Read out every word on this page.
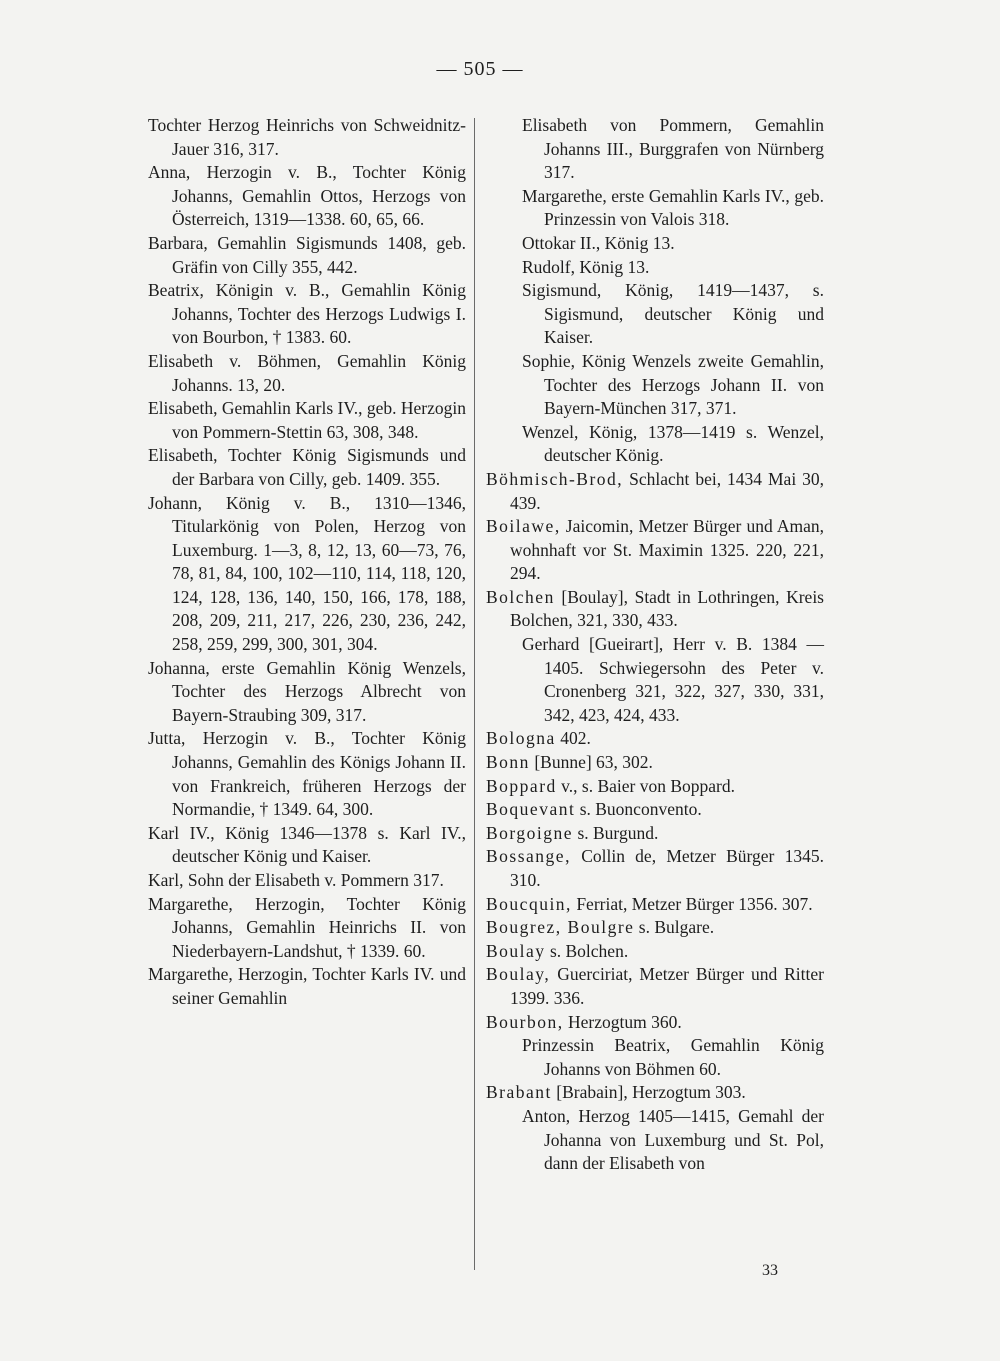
— 505 —
Tochter Herzog Heinrichs von Schweidnitz-Jauer 316, 317.
Anna, Herzogin v. B., Tochter König Johanns, Gemahlin Ottos, Herzogs von Österreich, 1319—1338. 60, 65, 66.
Barbara, Gemahlin Sigismunds 1408, geb. Gräfin von Cilly 355, 442.
Beatrix, Königin v. B., Gemahlin König Johanns, Tochter des Herzogs Ludwigs I. von Bourbon, † 1383. 60.
Elisabeth v. Böhmen, Gemahlin König Johanns. 13, 20.
Elisabeth, Gemahlin Karls IV., geb. Herzogin von Pommern-Stettin 63, 308, 348.
Elisabeth, Tochter König Sigismunds und der Barbara von Cilly, geb. 1409. 355.
Johann, König v. B., 1310—1346, Titularkönig von Polen, Herzog von Luxemburg. 1—3, 8, 12, 13, 60—73, 76, 78, 81, 84, 100, 102—110, 114, 118, 120, 124, 128, 136, 140, 150, 166, 178, 188, 208, 209, 211, 217, 226, 230, 236, 242, 258, 259, 299, 300, 301, 304.
Johanna, erste Gemahlin König Wenzels, Tochter des Herzogs Albrecht von Bayern-Straubing 309, 317.
Jutta, Herzogin v. B., Tochter König Johanns, Gemahlin des Königs Johann II. von Frankreich, früheren Herzogs der Normandie, † 1349. 64, 300.
Karl IV., König 1346—1378 s. Karl IV., deutscher König und Kaiser.
Karl, Sohn der Elisabeth v. Pommern 317.
Margarethe, Herzogin, Tochter König Johanns, Gemahlin Heinrichs II. von Niederbayern-Landshut, † 1339. 60.
Margarethe, Herzogin, Tochter Karls IV. und seiner Gemahlin
Elisabeth von Pommern, Gemahlin Johanns III., Burggrafen von Nürnberg 317.
Margarethe, erste Gemahlin Karls IV., geb. Prinzessin von Valois 318.
Ottokar II., König 13.
Rudolf, König 13.
Sigismund, König, 1419—1437, s. Sigismund, deutscher König und Kaiser.
Sophie, König Wenzels zweite Gemahlin, Tochter des Herzogs Johann II. von Bayern-München 317, 371.
Wenzel, König, 1378—1419 s. Wenzel, deutscher König.
Böhmisch-Brod, Schlacht bei, 1434 Mai 30, 439.
Boilawe, Jaicomin, Metzer Bürger und Aman, wohnhaft vor St. Maximin 1325. 220, 221, 294.
Bolchen [Boulay], Stadt in Lothringen, Kreis Bolchen, 321, 330, 433.
Gerhard [Gueirart], Herr v. B. 1384 —1405. Schwiegersohn des Peter v. Cronenberg 321, 322, 327, 330, 331, 342, 423, 424, 433.
Bologna 402.
Bonn [Bunne] 63, 302.
Boppard v., s. Baier von Boppard.
Boquevant s. Buonconvento.
Borgoigne s. Burgund.
Bossange, Collin de, Metzer Bürger 1345. 310.
Boucquin, Ferriat, Metzer Bürger 1356. 307.
Bougrez, Boulgre s. Bulgare.
Boulay s. Bolchen.
Boulay, Guerciriat, Metzer Bürger und Ritter 1399. 336.
Bourbon, Herzogtum 360.
Prinzessin Beatrix, Gemahlin König Johanns von Böhmen 60.
Brabant [Brabain], Herzogtum 303.
Anton, Herzog 1405—1415, Gemahl der Johanna von Luxemburg und St. Pol, dann der Elisabeth von
33
